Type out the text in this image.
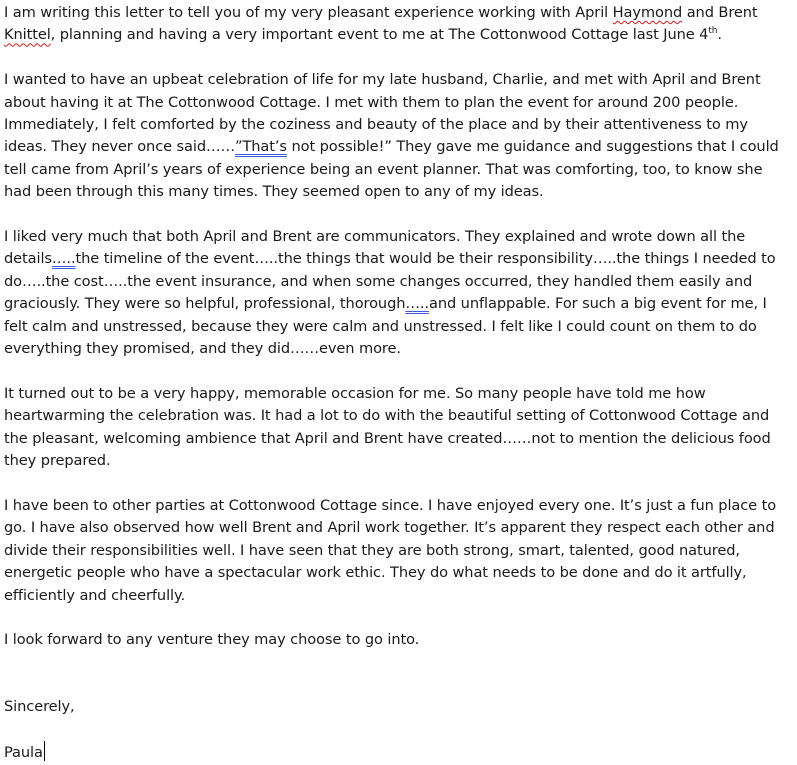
I am writing this letter to tell you of my very pleasant experience working with April Haymond and Brent Knittel, planning and having a very important event to me at The Cottonwood Cottage last June 4th.

I wanted to have an upbeat celebration of life for my late husband, Charlie, and met with April and Brent about having it at The Cottonwood Cottage. I met with them to plan the event for around 200 people. Immediately, I felt comforted by the coziness and beauty of the place and by their attentiveness to my ideas. They never once said……”That’s not possible!” They gave me guidance and suggestions that I could tell came from April’s years of experience being an event planner. That was comforting, too, to know she had been through this many times. They seemed open to any of my ideas.

I liked very much that both April and Brent are communicators. They explained and wrote down all the details…..the timeline of the event…..the things that would be their responsibility…..the things I needed to do…..the cost…..the event insurance, and when some changes occurred, they handled them easily and graciously. They were so helpful, professional, thorough…..and unflappable. For such a big event for me, I felt calm and unstressed, because they were calm and unstressed. I felt like I could count on them to do everything they promised, and they did……even more.

It turned out to be a very happy, memorable occasion for me. So many people have told me how heartwarming the celebration was. It had a lot to do with the beautiful setting of Cottonwood Cottage and the pleasant, welcoming ambience that April and Brent have created……not to mention the delicious food they prepared.

I have been to other parties at Cottonwood Cottage since. I have enjoyed every one. It’s just a fun place to go. I have also observed how well Brent and April work together. It’s apparent they respect each other and divide their responsibilities well. I have seen that they are both strong, smart, talented, good natured, energetic people who have a spectacular work ethic. They do what needs to be done and do it artfully, efficiently and cheerfully.

I look forward to any venture they may choose to go into.

Sincerely,

Paula
